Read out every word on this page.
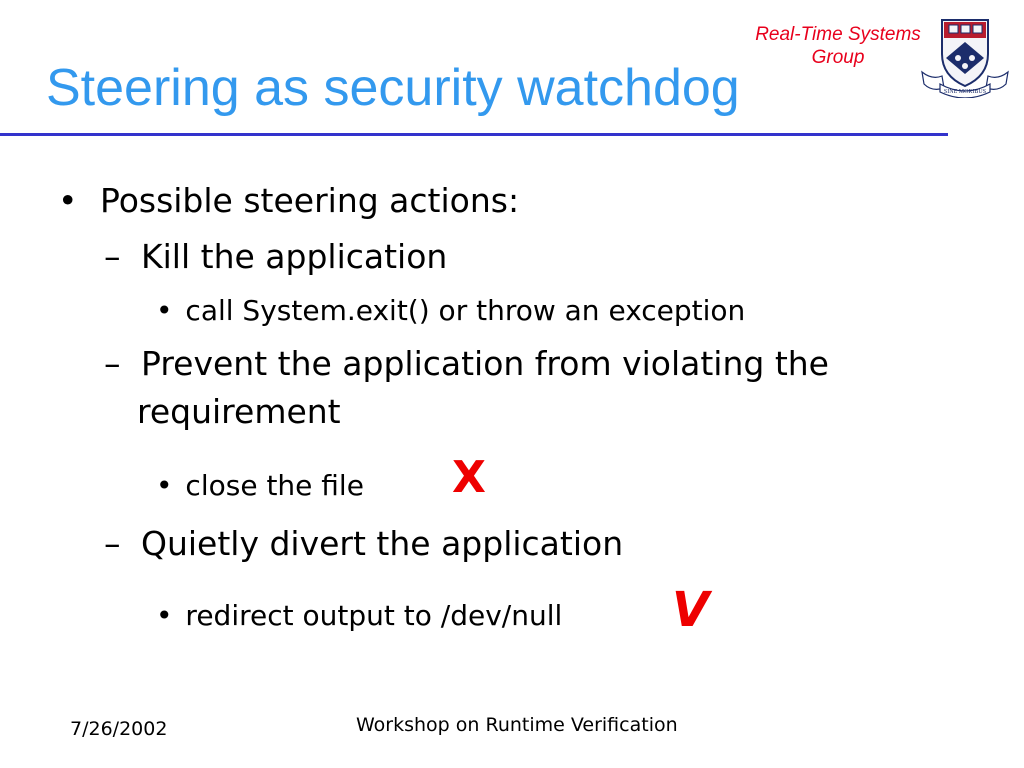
Steering as security watchdog
Real-Time Systems
Group
SINE MORIBUS
• Possible steering actions:
– Kill the application
• call System.exit() or throw an exception
– Prevent the application from violating the
requirement
• close the file X
– Quietly divert the application
• redirect output to /dev/null V
7/26/2002	Workshop on Runtime Verification
